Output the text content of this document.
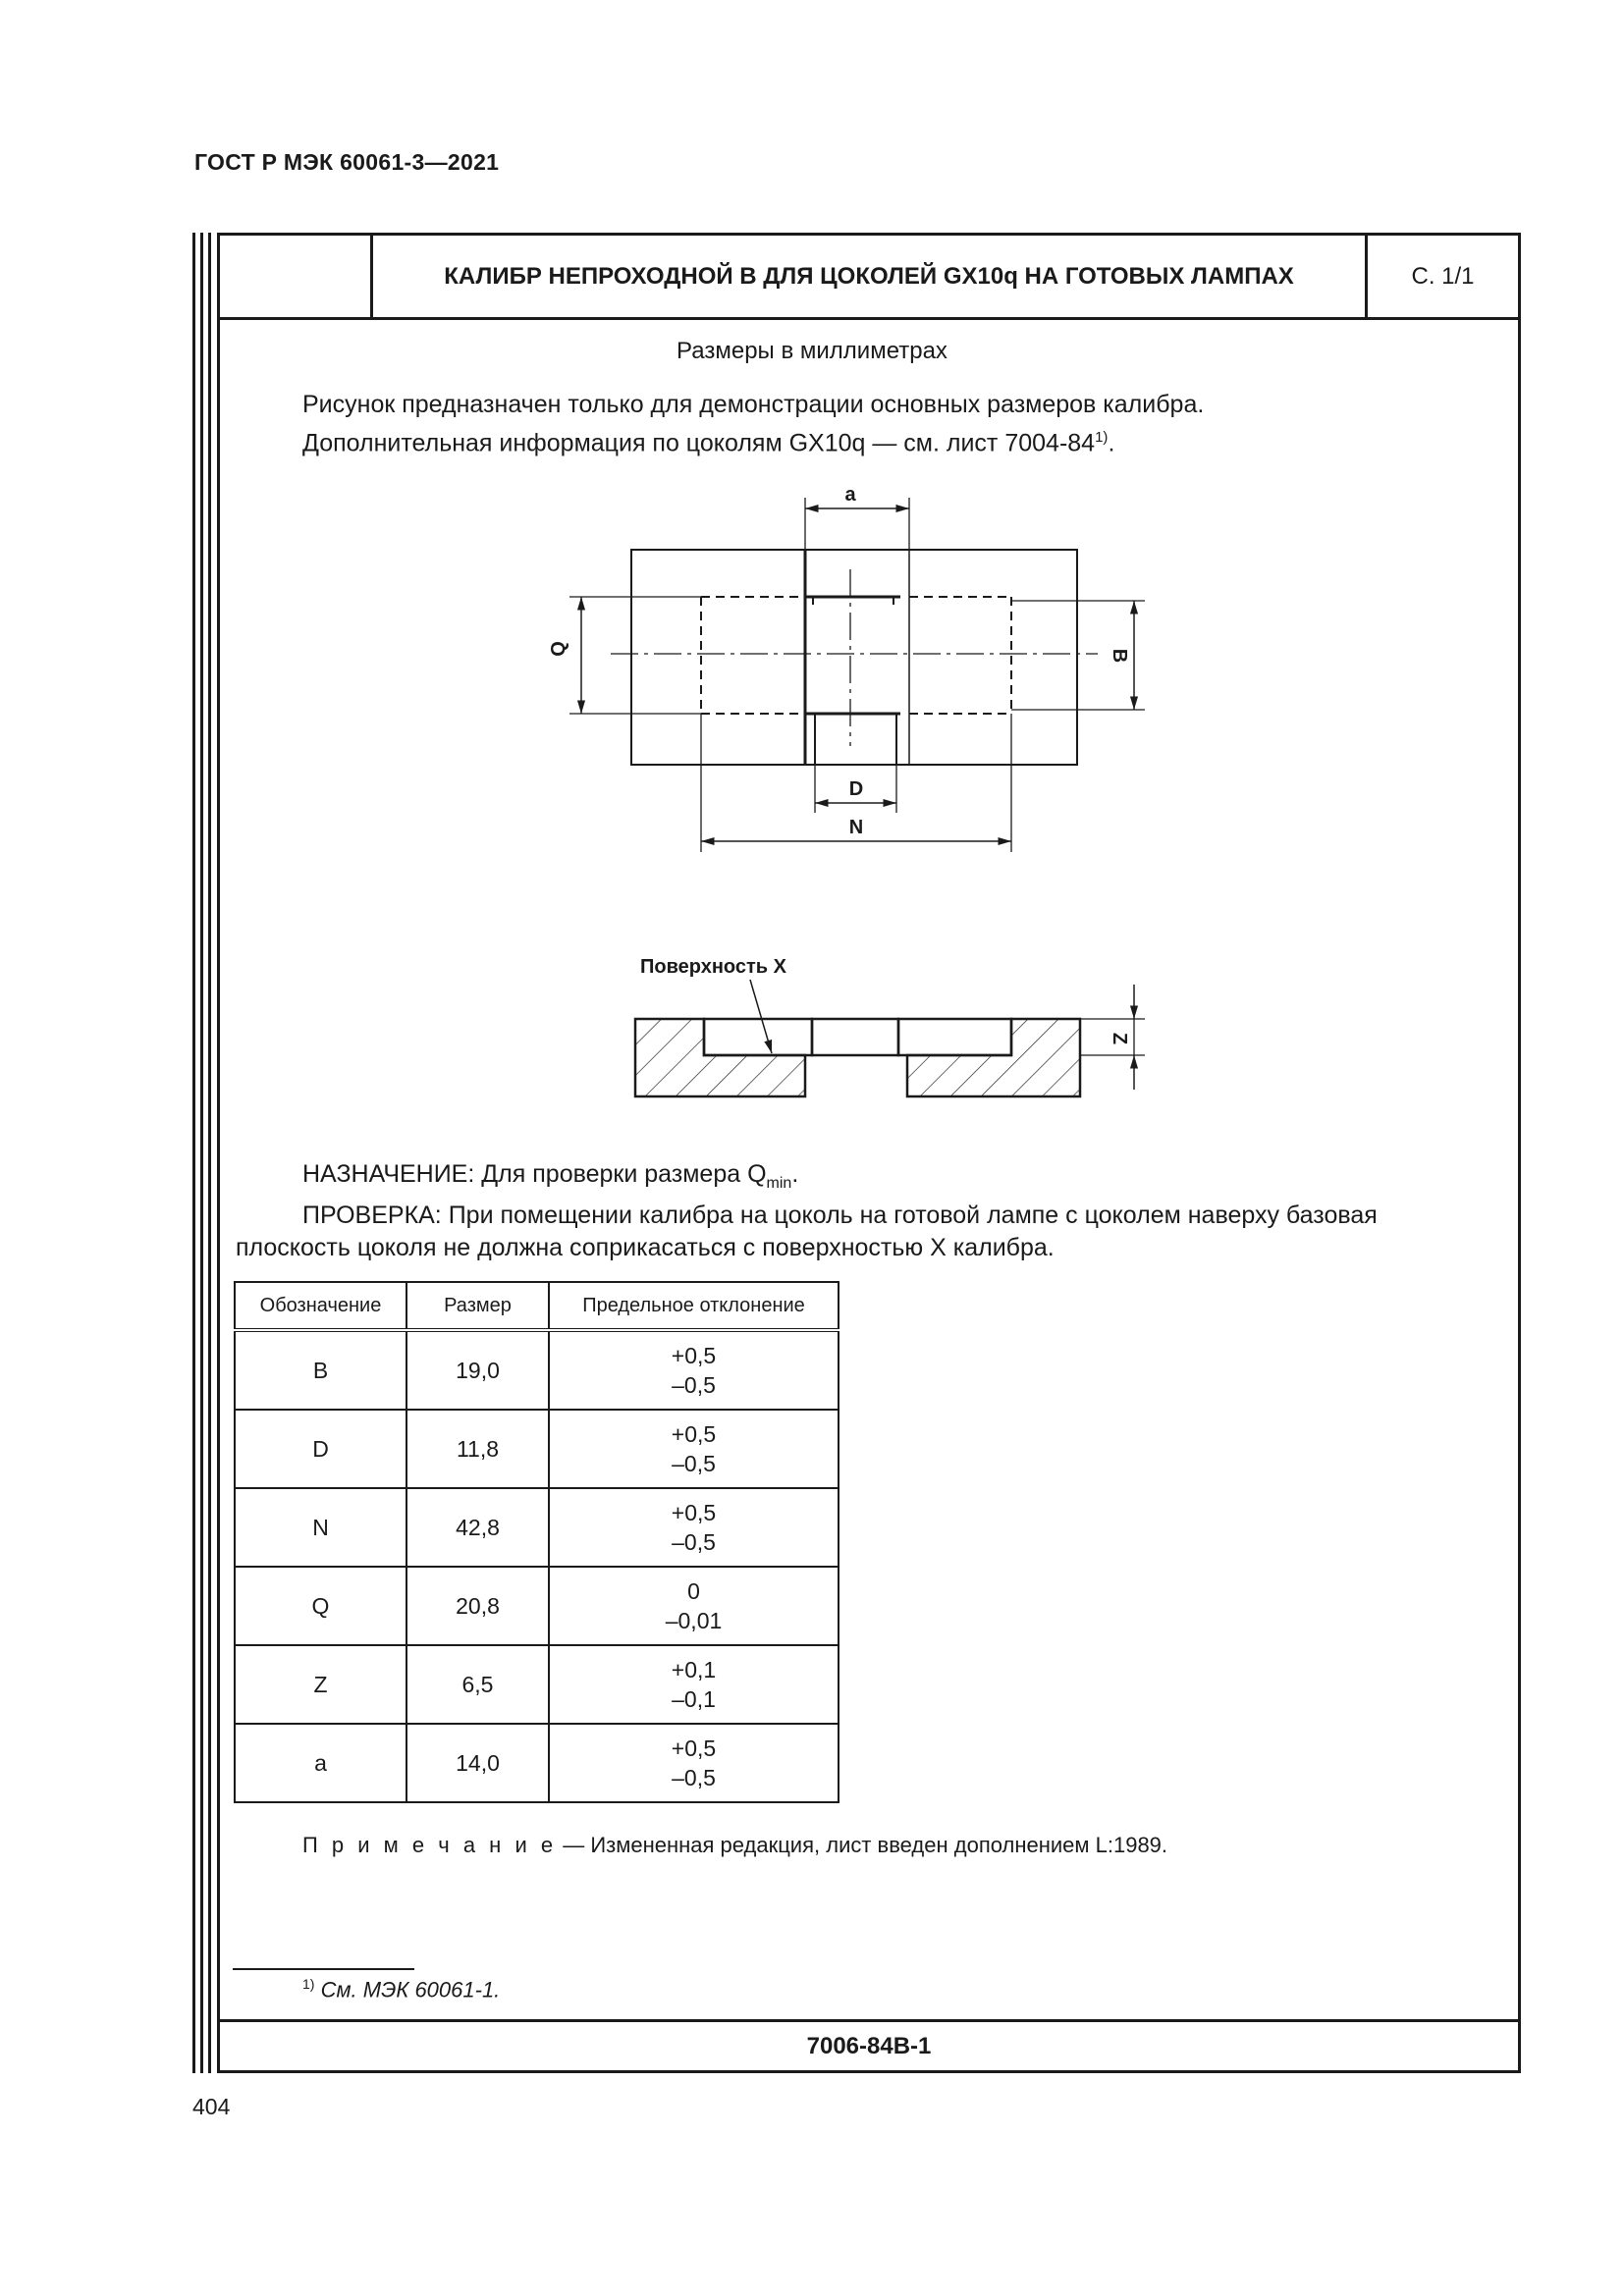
ГОСТ Р МЭК 60061-3—2021
КАЛИБР НЕПРОХОДНОЙ В ДЛЯ ЦОКОЛЕЙ GX10q НА ГОТОВЫХ ЛАМПАХ	С. 1/1
7006-84B-1
Размеры в миллиметрах
Рисунок предназначен только для демонстрации основных размеров калибра.
Дополнительная информация по цоколям GX10q — см. лист 7004-84$^{1)}$.
a
Q	B
D
N
Z
Поверхность X
НАЗНАЧЕНИЕ: Для проверки размера $Q_{min}$.
ПРОВЕРКА: При помещении калибра на цоколь на готовой лампе с цоколем наверху базовая
плоскость цоколя не должна соприкасаться с поверхностью X калибра.
Обозначение	Размер	Предельное отклонение
B	19,0	+0,5
–0,5

D	11,8	+0,5
–0,5

N	42,8	+0,5
–0,5

Q	20,8	0
–0,01

Z	6,5	+0,1
–0,1

a	14,0	+0,5
–0,5
П р и м е ч а н и е — Измененная редакция, лист введен дополнением L:1989.
$^{1)}$ См. МЭК 60061-1.
404
